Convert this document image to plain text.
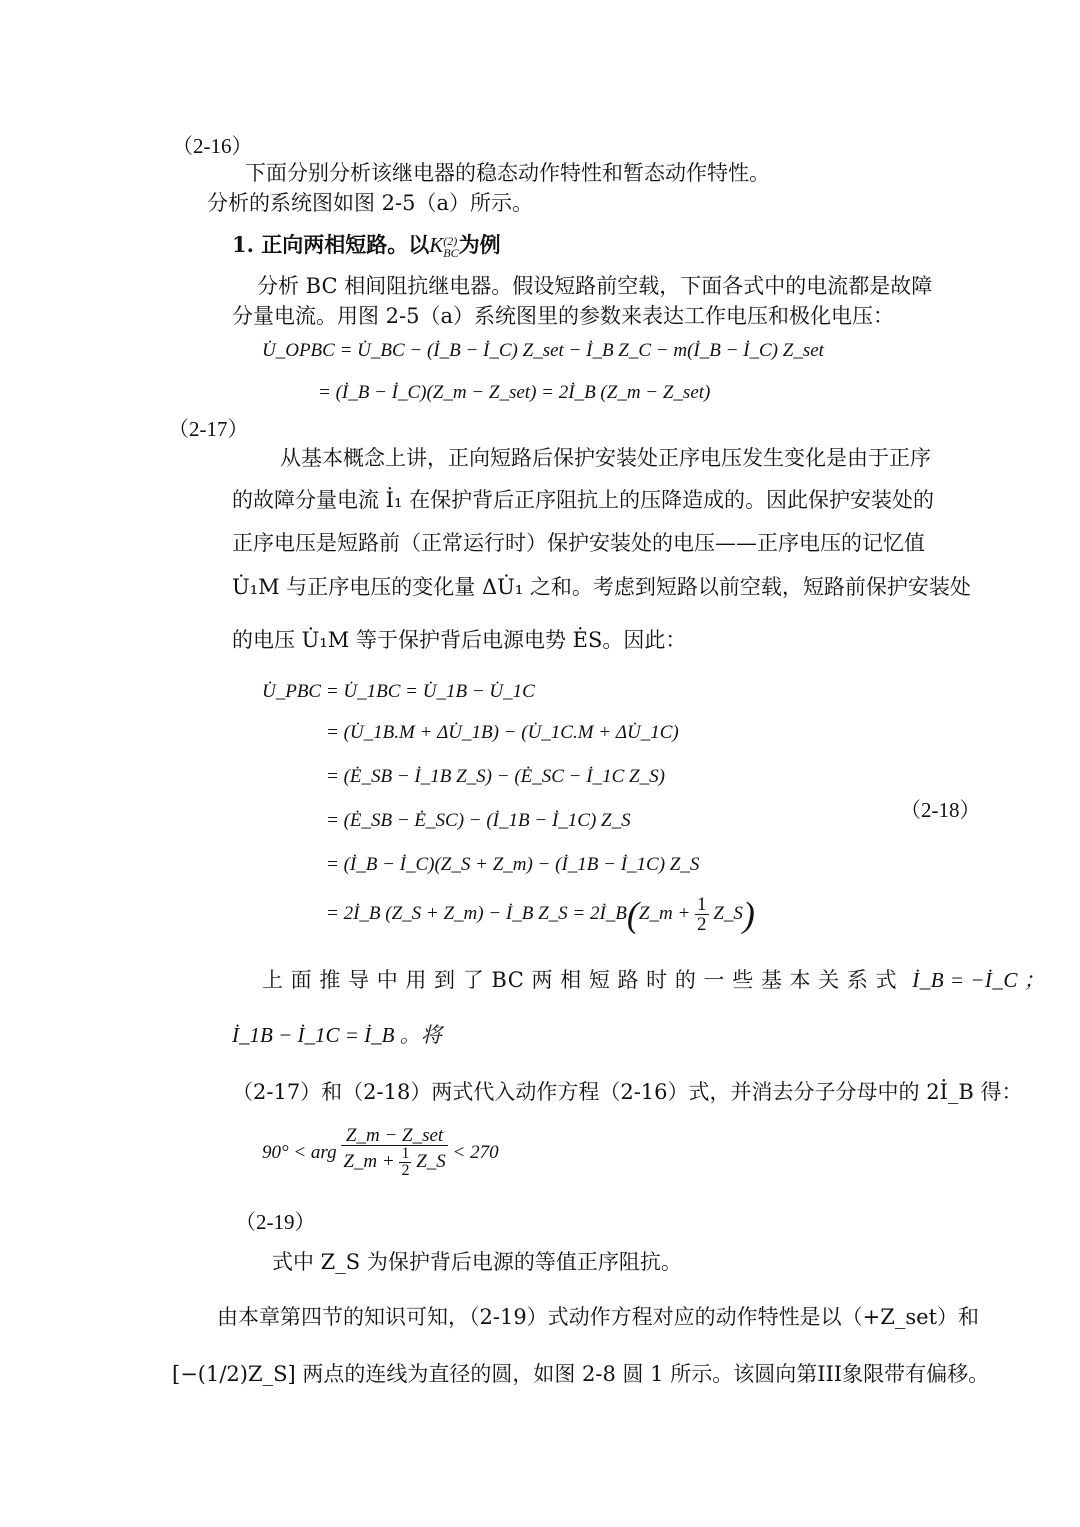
（2-16）
下面分别分析该继电器的稳态动作特性和暂态动作特性。
分析的系统图如图 2-5（a）所示。
1. 正向两相短路。以K (2)
BC 为例
分析 BC 相间阻抗继电器。假设短路前空载，下面各式中的电流都是故障
分量电流。用图 2-5（a）系统图里的参数来表达工作电压和极化电压：
U̇_OPBC = U̇_BC − (İ_B − İ_C) Z_set − İ_B Z_C − m(İ_B − İ_C) Z_set
= (İ_B − İ_C)(Z_m − Z_set) = 2İ_B (Z_m − Z_set)
（2-17）
从基本概念上讲，正向短路后保护安装处正序电压发生变化是由于正序
的故障分量电流 İ₁ 在保护背后正序阻抗上的压降造成的。因此保护安装处的
正序电压是短路前（正常运行时）保护安装处的电压——正序电压的记忆值
U̇₁M 与正序电压的变化量 ΔU̇₁ 之和。考虑到短路以前空载，短路前保护安装处
的电压 U̇₁M 等于保护背后电源电势 ĖS。因此：
U̇_PBC = U̇_1BC = U̇_1B − U̇_1C
= (U̇_1B.M + ΔU̇_1B) − (U̇_1C.M + ΔU̇_1C)
= (Ė_SB − İ_1B Z_S) − (Ė_SC − İ_1C Z_S)
= (Ė_SB − Ė_SC) − (İ_1B − İ_1C) Z_S	（2-18）
= (İ_B − İ_C)(Z_S + Z_m) − (İ_1B − İ_1C) Z_S
= 2İ_B (Z_S + Z_m) − İ_B Z_S = 2İ_B(Z_m + $\frac{1}{2}$ Z_S)
上 面 推 导 中 用 到 了 BC 两 相 短 路 时 的 一 些 基 本 关 系 式 İ_B = −İ_C ；
İ_1B − İ_1C = İ_B 。将
（2-17）和（2-18）两式代入动作方程（2-16）式，并消去分子分母中的 2İ_B 得：
90° < arg $\frac{\text{Z\_m − Z\_set}}{Z\_m + \frac{1}{2} Z\_S} < 270$
（2-19）
式中 Z_S 为保护背后电源的等值正序阻抗。
由本章第四节的知识可知，（2-19）式动作方程对应的动作特性是以（+Z_set）和
[−(1/2)Z_S] 两点的连线为直径的圆，如图 2-8 圆 1 所示。该圆向第III象限带有偏移。
